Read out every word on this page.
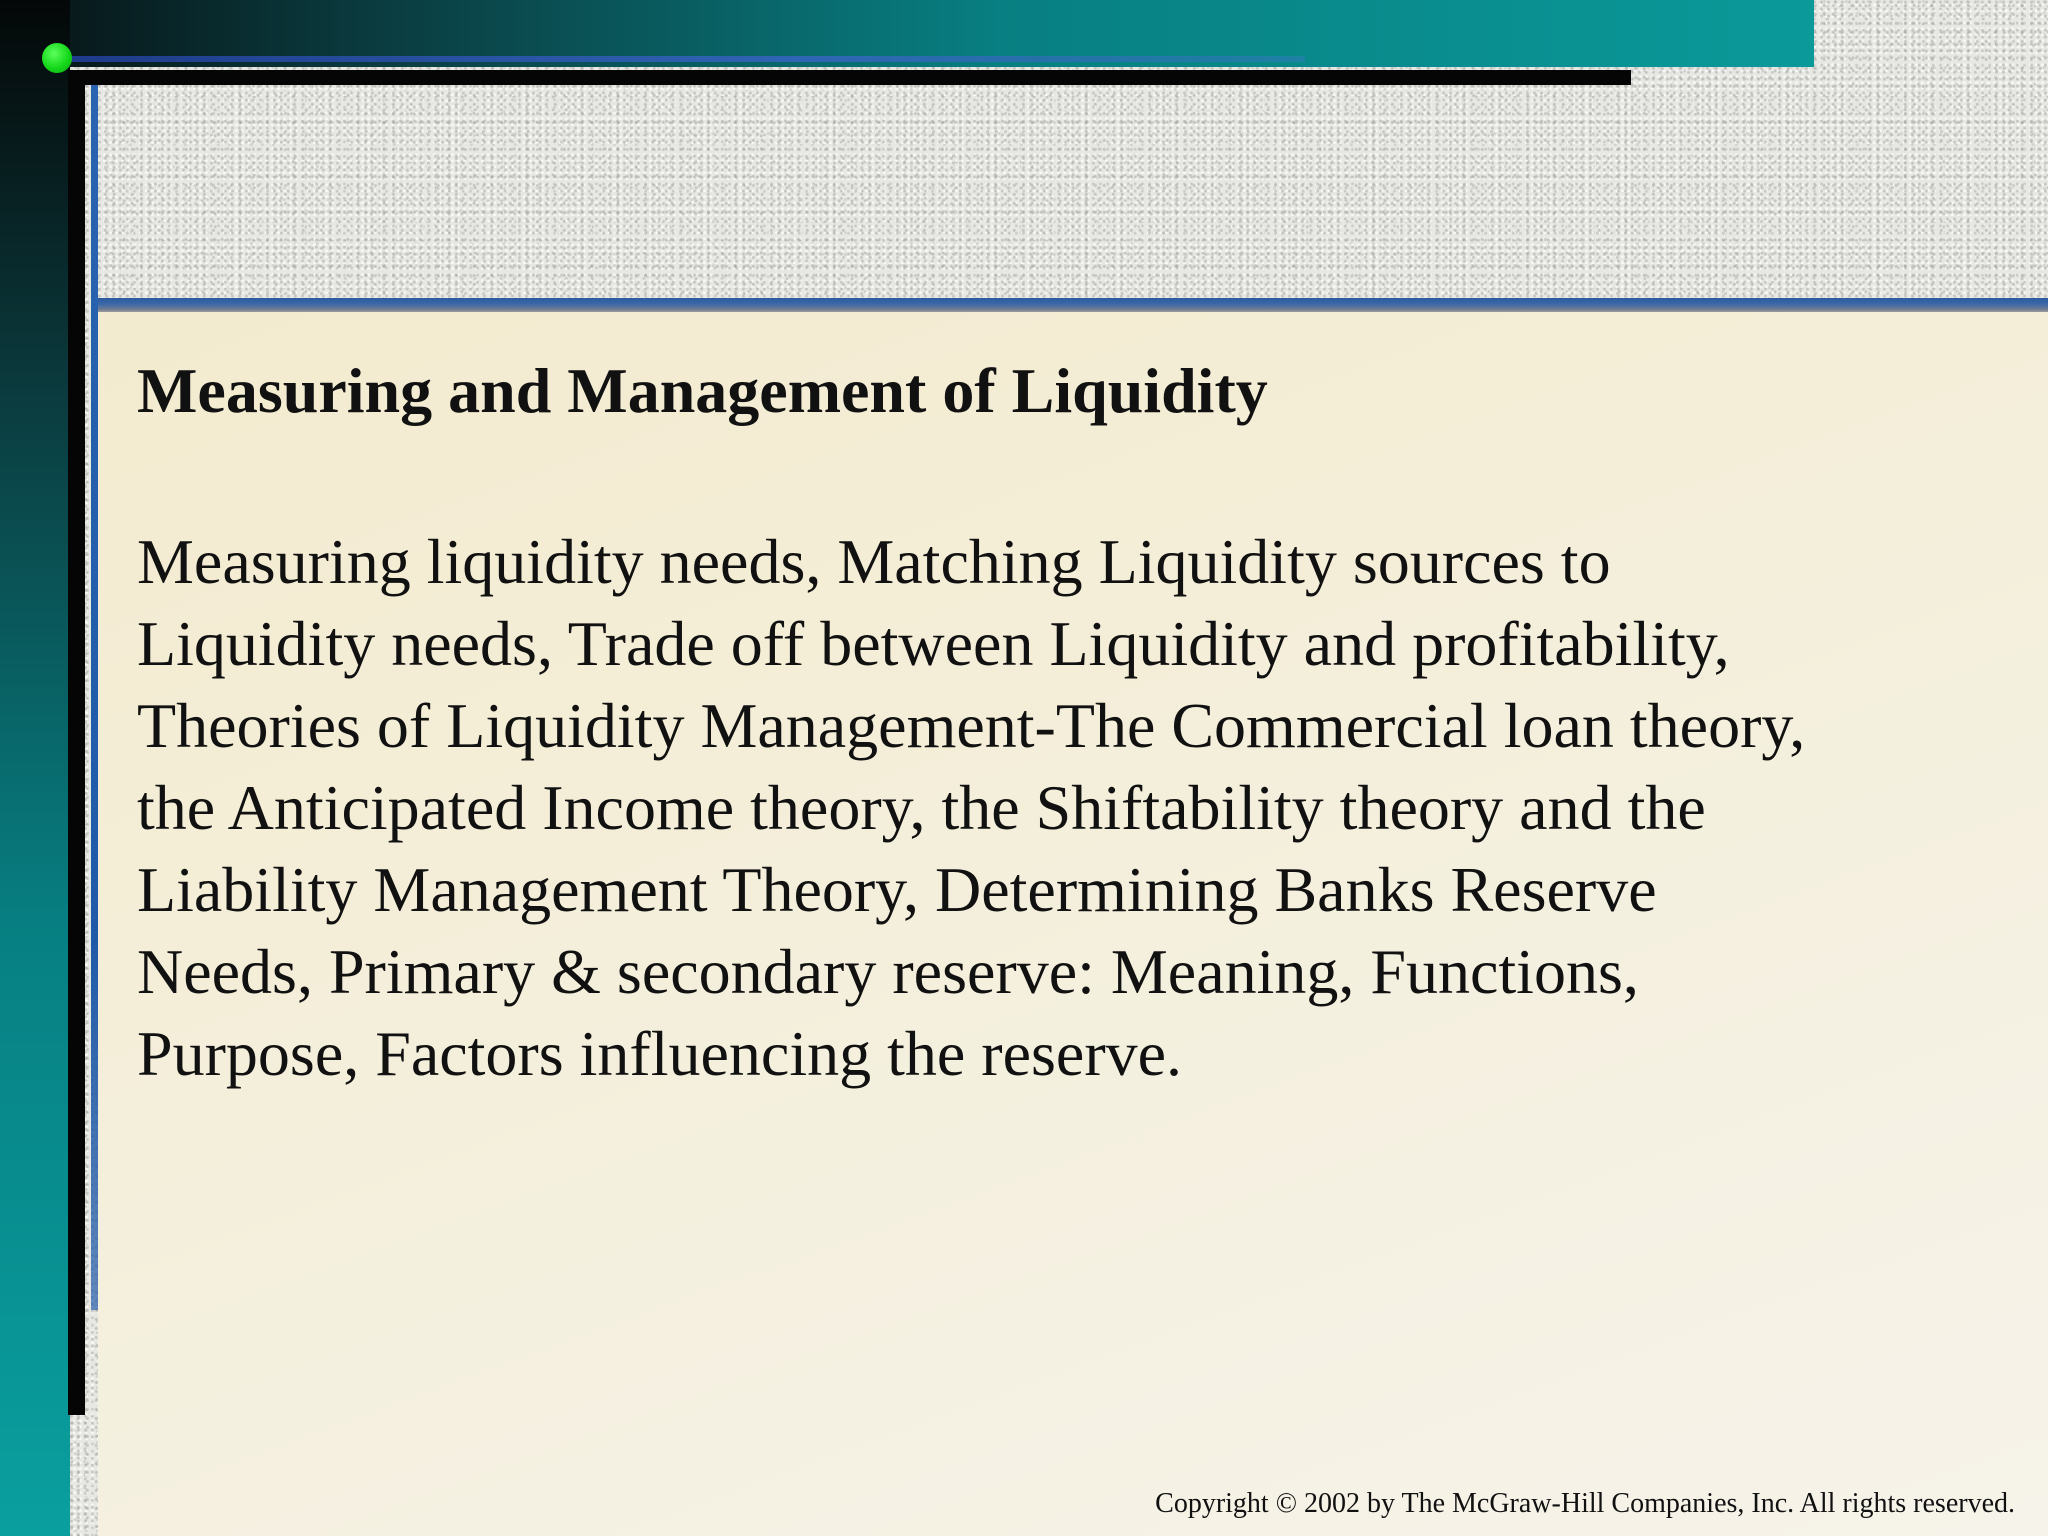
Measuring and Management of Liquidity
Measuring liquidity needs, Matching Liquidity sources to
Liquidity needs, Trade off between Liquidity and profitability,
Theories of Liquidity Management-The Commercial loan theory,
the Anticipated Income theory, the Shiftability theory and the
Liability Management Theory, Determining Banks Reserve
Needs, Primary & secondary reserve: Meaning, Functions,
Purpose, Factors influencing the reserve.
Copyright © 2002 by The McGraw-Hill Companies, Inc. All rights reserved.
